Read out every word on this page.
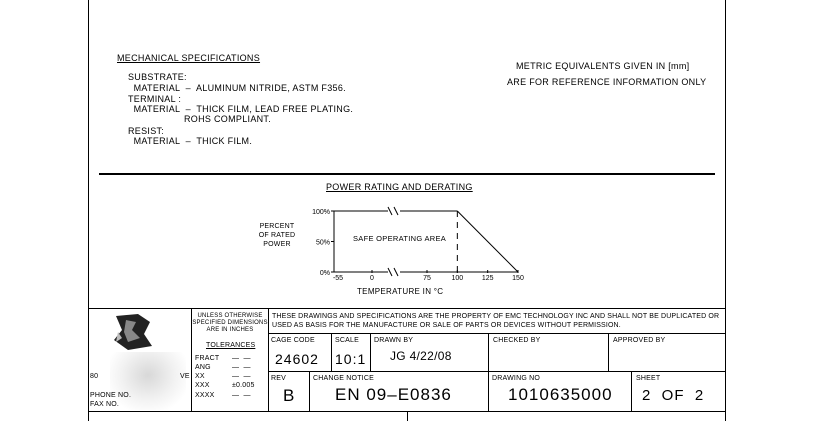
MECHANICAL SPECIFICATIONS
SUBSTRATE:
MATERIAL  –  ALUMINUM NITRIDE, ASTM F356.
TERMINAL :
MATERIAL  –  THICK FILM, LEAD FREE PLATING.
ROHS COMPLIANT.
RESIST:
MATERIAL  –  THICK FILM.
METRIC EQUIVALENTS GIVEN IN [mm]
ARE FOR REFERENCE INFORMATION ONLY
POWER RATING AND DERATING
PERCENT OF RATED POWER
100%
50%
0%
-55	0	75	100	125	150
SAFE OPERATING AREA
TEMPERATURE IN °C
80	VE
PHONE NO.
FAX NO.
UNLESS OTHERWISE SPECIFIED DIMENSIONS ARE IN INCHES
TOLERANCES
FRACT —  —
ANG	—  —
XX	—  —
XXX	±0.005
XXXX	—  —
THESE DRAWINGS AND SPECIFICATIONS ARE THE PROPERTY OF EMC TECHNOLOGY INC AND SHALL NOT BE DUPLICATED OR USED AS BASIS FOR THE MANUFACTURE OR SALE OF PARTS OR DEVICES WITHOUT PERMISSION.
CAGE CODE
24602
SCALE
10:1
DRAWN BY
JG 4/22/08
CHECKED BY	APPROVED BY
REV
B
CHANGE NOTICE
EN 09–E0836
DRAWING NO
1010635000
SHEET
2  OF  2
